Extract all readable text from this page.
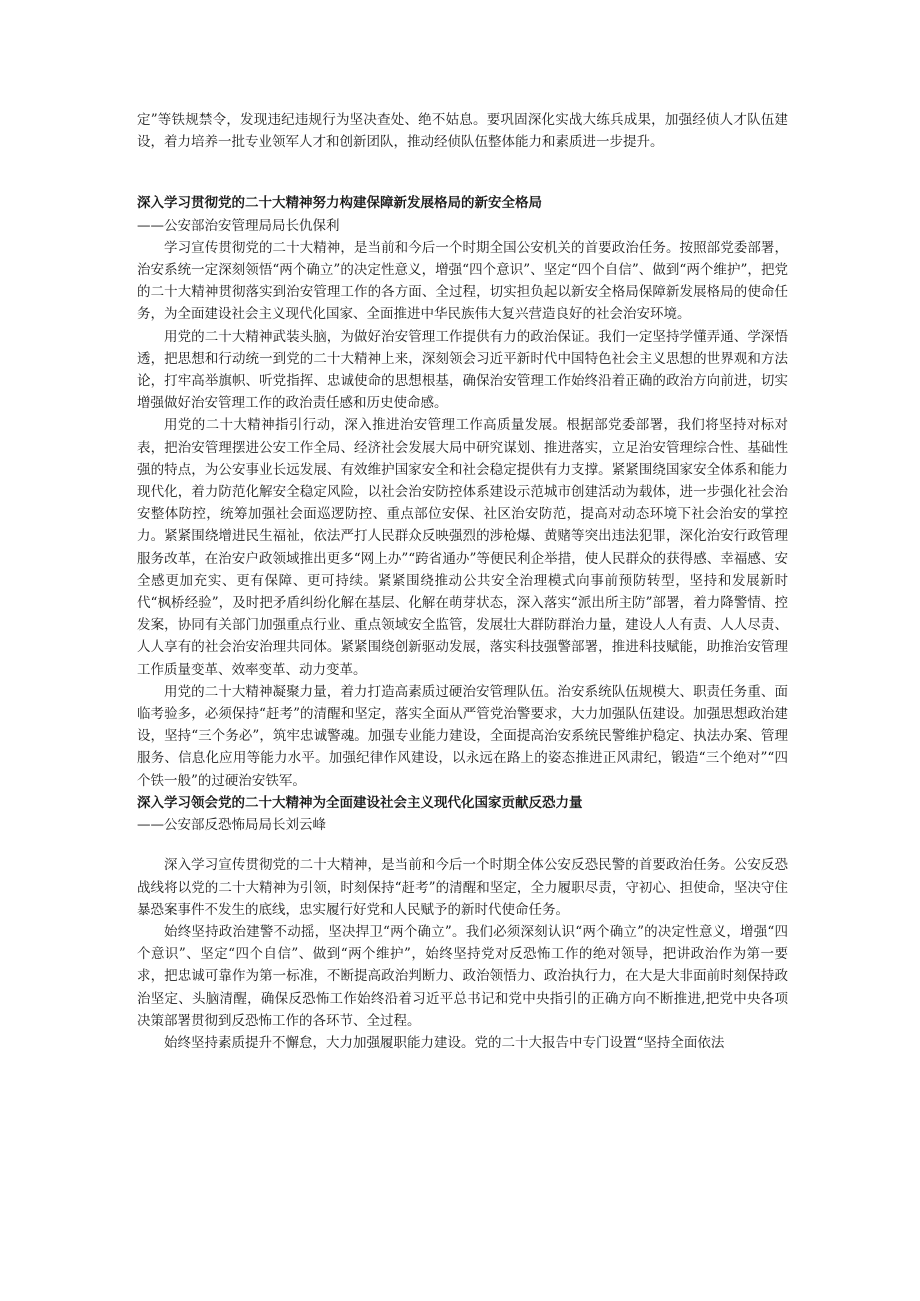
定”等铁规禁令，发现违纪违规行为坚决查处、绝不姑息。要巩固深化实战大练兵成果，加强经侦人才队伍建设，着力培养一批专业领军人才和创新团队，推动经侦队伍整体能力和素质进一步提升。

深入学习贯彻党的二十大精神努力构建保障新发展格局的新安全格局

——公安部治安管理局局长仇保利

学习宣传贯彻党的二十大精神，是当前和今后一个时期全国公安机关的首要政治任务。按照部党委部署，治安系统一定深刻领悟“两个确立”的决定性意义，增强“四个意识”、坚定“四个自信”、做到“两个维护”，把党的二十大精神贯彻落实到治安管理工作的各方面、全过程，切实担负起以新安全格局保障新发展格局的使命任务，为全面建设社会主义现代化国家、全面推进中华民族伟大复兴营造良好的社会治安环境。

用党的二十大精神武装头脑，为做好治安管理工作提供有力的政治保证。我们一定坚持学懂弄通、学深悟透，把思想和行动统一到党的二十大精神上来，深刻领会习近平新时代中国特色社会主义思想的世界观和方法论，打牢高举旗帜、听党指挥、忠诚使命的思想根基，确保治安管理工作始终沿着正确的政治方向前进，切实增强做好治安管理工作的政治责任感和历史使命感。

用党的二十大精神指引行动，深入推进治安管理工作高质量发展。根据部党委部署，我们将坚持对标对表，把治安管理摆进公安工作全局、经济社会发展大局中研究谋划、推进落实，立足治安管理综合性、基础性强的特点，为公安事业长远发展、有效维护国家安全和社会稳定提供有力支撑。紧紧围绕国家安全体系和能力现代化，着力防范化解安全稳定风险，以社会治安防控体系建设示范城市创建活动为载体，进一步强化社会治安整体防控，统筹加强社会面巡逻防控、重点部位安保、社区治安防范，提高对动态环境下社会治安的掌控力。紧紧围绕增进民生福祉，依法严打人民群众反映强烈的涉枪爆、黄赌等突出违法犯罪，深化治安行政管理服务改革，在治安户政领域推出更多“网上办”“跨省通办”等便民利企举措，使人民群众的获得感、幸福感、安全感更加充实、更有保障、更可持续。紧紧围绕推动公共安全治理模式向事前预防转型，坚持和发展新时代“枫桥经验”，及时把矛盾纠纷化解在基层、化解在萌芽状态，深入落实“派出所主防”部署，着力降警情、控发案，协同有关部门加强重点行业、重点领域安全监管，发展壮大群防群治力量，建设人人有责、人人尽责、人人享有的社会治安治理共同体。紧紧围绕创新驱动发展，落实科技强警部署，推进科技赋能，助推治安管理工作质量变革、效率变革、动力变革。

用党的二十大精神凝聚力量，着力打造高素质过硬治安管理队伍。治安系统队伍规模大、职责任务重、面临考验多，必须保持“赶考”的清醒和坚定，落实全面从严管党治警要求，大力加强队伍建设。加强思想政治建设，坚持“三个务必”，筑牢忠诚警魂。加强专业能力建设，全面提高治安系统民警维护稳定、执法办案、管理服务、信息化应用等能力水平。加强纪律作风建设，以永远在路上的姿态推进正风肃纪，锻造“三个绝对”“四个铁一般”的过硬治安铁军。

深入学习领会党的二十大精神为全面建设社会主义现代化国家贡献反恐力量

——公安部反恐怖局局长刘云峰

深入学习宣传贯彻党的二十大精神，是当前和今后一个时期全体公安反恐民警的首要政治任务。公安反恐战线将以党的二十大精神为引领，时刻保持“赶考”的清醒和坚定，全力履职尽责，守初心、担使命，坚决守住暴恐案事件不发生的底线，忠实履行好党和人民赋予的新时代使命任务。

始终坚持政治建警不动摇，坚决捍卫“两个确立”。我们必须深刻认识“两个确立”的决定性意义，增强“四个意识”、坚定“四个自信”、做到“两个维护”，始终坚持党对反恐怖工作的绝对领导，把讲政治作为第一要求，把忠诚可靠作为第一标准，不断提高政治判断力、政治领悟力、政治执行力，在大是大非面前时刻保持政治坚定、头脑清醒，确保反恐怖工作始终沿着习近平总书记和党中央指引的正确方向不断推进,把党中央各项决策部署贯彻到反恐怖工作的各环节、全过程。

始终坚持素质提升不懈怠，大力加强履职能力建设。党的二十大报告中专门设置“坚持全面依法
